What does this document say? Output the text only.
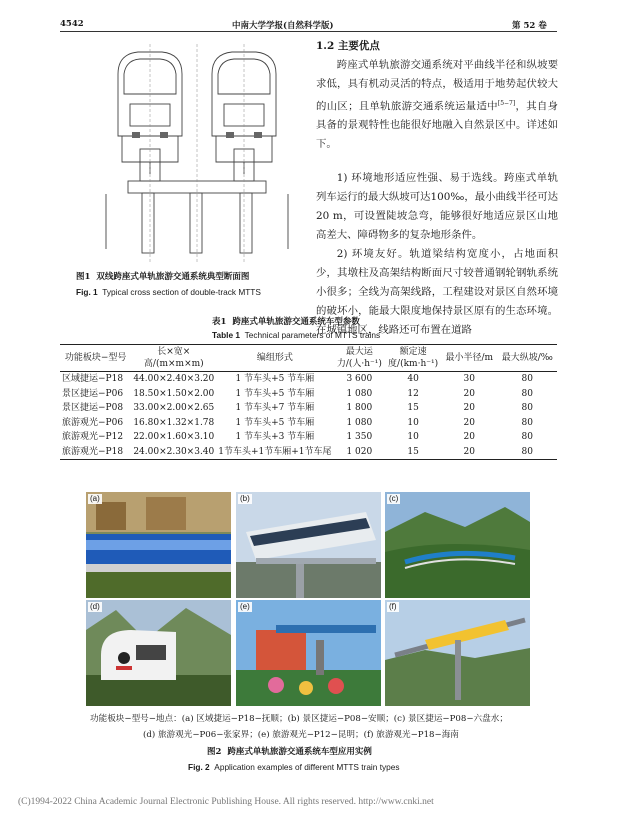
4542	中南大学学报(自然科学版)	第 52 卷
图1 双线跨座式单轨旅游交通系统典型断面图
Fig. 1 Typical cross section of double-track MTTS
1.2 主要优点

跨座式单轨旅游交通系统对平曲线半径和纵坡要求低，具有机动灵活的特点，极适用于地势起伏较大的山区；且单轨旅游交通系统运量适中[5−7]，其自身具备的景观特性也能很好地融入自然景区中。详述如下。

1) 环境地形适应性强、易于选线。跨座式单轨列车运行的最大纵坡可达100‰，最小曲线半径可达20 m，可设置陡坡急弯，能够很好地适应景区山地高差大、障碍物多的复杂地形条件。

2) 环境友好。轨道梁结构宽度小，占地面积少，其墩柱及高架结构断面尺寸较普通钢轮钢轨系统小很多；全线为高架线路，工程建设对景区自然环境的破坏小，能最大限度地保持景区原有的生态环境。在城镇地区，线路还可布置在道路

表1 跨座式单轨旅游交通系统车型参数
Table 1 Technical parameters of MTTS trains
功能板块−型号	长×宽×高/(m×m×m)	编组形式	最大运力/(人·h⁻¹)	额定速度/(km·h⁻¹)	最小半径/m	最大纵坡/‰
区域捷运−P18	44.00×2.40×3.20	1 节车头+5 节车厢	3 600	40	30	80
景区捷运−P06	18.50×1.50×2.00	1 节车头+5 节车厢	1 080	12	20	80
景区捷运−P08	33.00×2.00×2.65	1 节车头+7 节车厢	1 800	15	20	80
旅游观光−P06	16.80×1.32×1.78	1 节车头+5 节车厢	1 080	10	20	80
旅游观光−P12	22.00×1.60×3.10	1 节车头+3 节车厢	1 350	10	20	80
旅游观光−P18	24.00×2.30×3.40	1节车头+1节车厢+1节车尾	1 020	15	20	80
(a)	(b)	(c)
(d)	(e)	(f)
功能板块−型号−地点：(a) 区域捷运−P18−抚顺；(b) 景区捷运−P08−安顺；(c) 景区捷运−P08−六盘水；
(d) 旅游观光−P06−张家界；(e) 旅游观光−P12−昆明；(f) 旅游观光−P18−海南
图2 跨座式单轨旅游交通系统车型应用实例
Fig. 2 Application examples of different MTTS train types
(C)1994-2022 China Academic Journal Electronic Publishing House. All rights reserved. http://www.cnki.net
